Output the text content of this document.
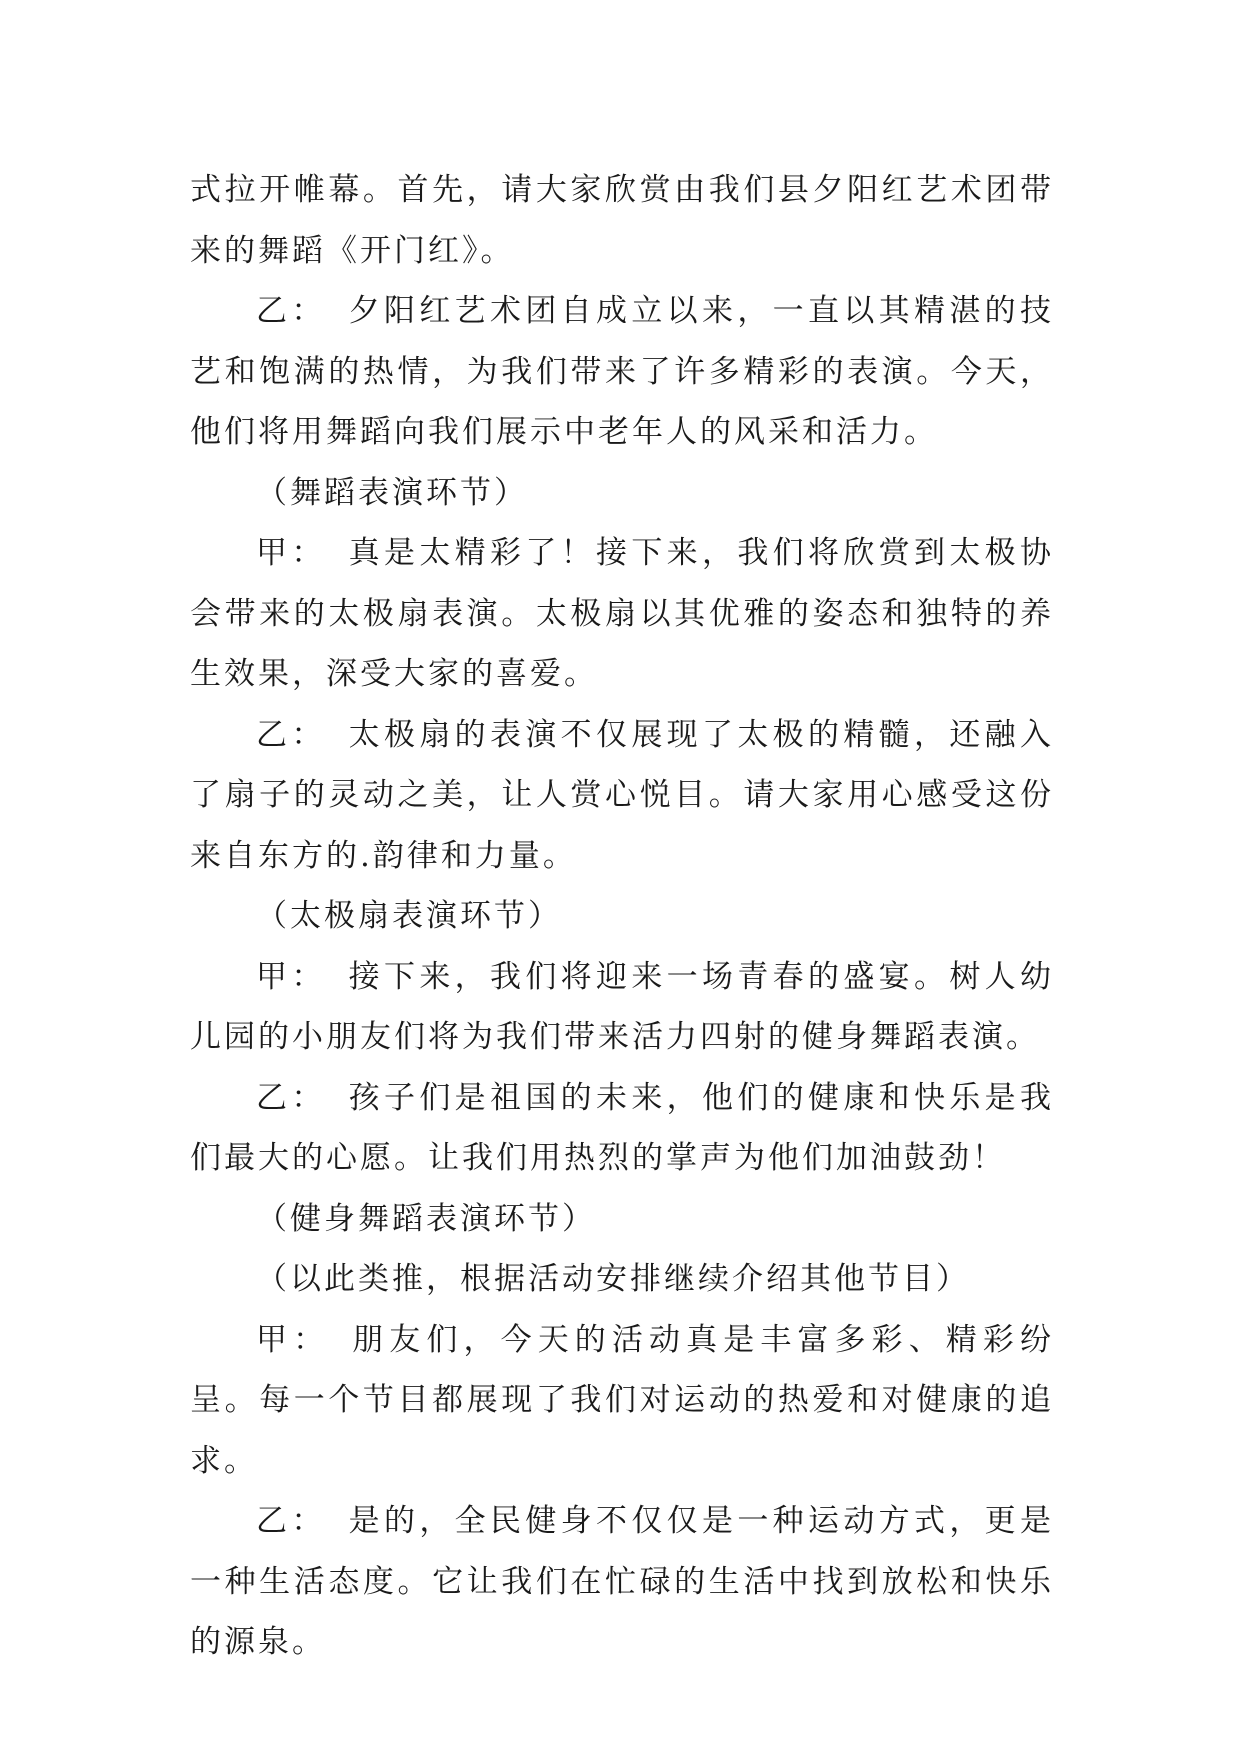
式拉开帷幕。首先，请大家欣赏由我们县夕阳红艺术团带来的舞蹈《开门红》。

乙： 夕阳红艺术团自成立以来，一直以其精湛的技艺和饱满的热情，为我们带来了许多精彩的表演。今天，他们将用舞蹈向我们展示中老年人的风采和活力。

（舞蹈表演环节）

甲： 真是太精彩了！接下来，我们将欣赏到太极协会带来的太极扇表演。太极扇以其优雅的姿态和独特的养生效果，深受大家的喜爱。

乙： 太极扇的表演不仅展现了太极的精髓，还融入了扇子的灵动之美，让人赏心悦目。请大家用心感受这份来自东方的.韵律和力量。

（太极扇表演环节）

甲： 接下来，我们将迎来一场青春的盛宴。树人幼儿园的小朋友们将为我们带来活力四射的健身舞蹈表演。

乙： 孩子们是祖国的未来，他们的健康和快乐是我们最大的心愿。让我们用热烈的掌声为他们加油鼓劲！

（健身舞蹈表演环节）

（以此类推，根据活动安排继续介绍其他节目）

甲： 朋友们，今天的活动真是丰富多彩、精彩纷呈。每一个节目都展现了我们对运动的热爱和对健康的追求。

乙： 是的，全民健身不仅仅是一种运动方式，更是一种生活态度。它让我们在忙碌的生活中找到放松和快乐的源泉。
